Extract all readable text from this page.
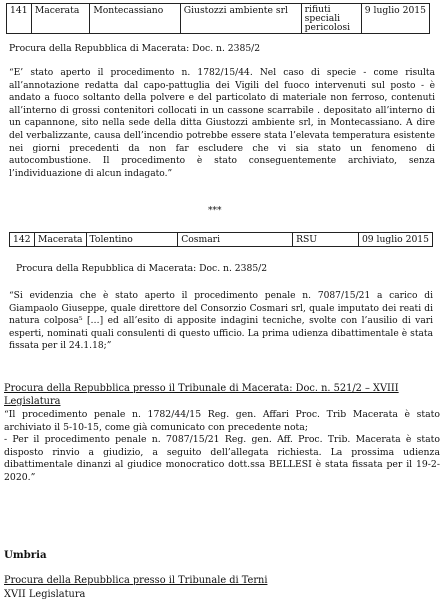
141	Macerata	Montecassiano	Giustozzi ambiente srl	rifiuti speciali pericolosi	9 luglio 2015
Procura della Repubblica di Macerata: Doc. n. 2385/2
“E’ stato aperto il procedimento n. 1782/15/44. Nel caso di specie - come risulta all’annotazione redatta dal capo-pattuglia dei Vigili del fuoco intervenuti sul posto - è andato a fuoco soltanto della polvere e del particolato di materiale non ferroso, contenuti all’interno di grossi contenitori collocati in un cassone scarrabile . depositato all’interno di un capannone, sito nella sede della ditta Giustozzi ambiente srl, in Montecassiano. A dire del verbalizzante, causa dell’incendio potrebbe essere stata l’elevata temperatura esistente nei giorni precedenti da non far escludere che vi sia stato un fenomeno di autocombustione. Il procedimento è stato conseguentemente archiviato, senza l’individuazione di alcun indagato.”
***
142	Macerata	Tolentino	Cosmari	RSU	09 luglio 2015
Procura della Repubblica di Macerata: Doc. n. 2385/2
“Si evidenzia che è stato aperto il procedimento penale n. 7087/15/21 a carico di Giampaolo Giuseppe, quale direttore del Consorzio Cosmari srl, quale imputato dei reati di natura colposa⁵ […] ed all’esito di apposite indagini tecniche, svolte con l’ausilio di vari esperti, nominati quali consulenti di questo ufficio. La prima udienza dibattimentale è stata fissata per il 24.1.18;”
Procura della Repubblica presso il Tribunale di Macerata: Doc. n. 521/2 – XVIII Legislatura
“Il procedimento penale n. 1782/44/15 Reg. gen. Affari Proc. Trib Macerata è stato archiviato il 5-10-15, come già comunicato con precedente nota;
- Per il procedimento penale n. 7087/15/21 Reg. gen. Aff. Proc. Trib. Macerata è stato disposto rinvio a giudizio, a seguito dell’allegata richiesta. La prossima udienza dibattimentale dinanzi al giudice monocratico dott.ssa BELLESI è stata fissata per il 19-2-2020.”
Umbria
Procura della Repubblica presso il Tribunale di Terni
XVII Legislatura
